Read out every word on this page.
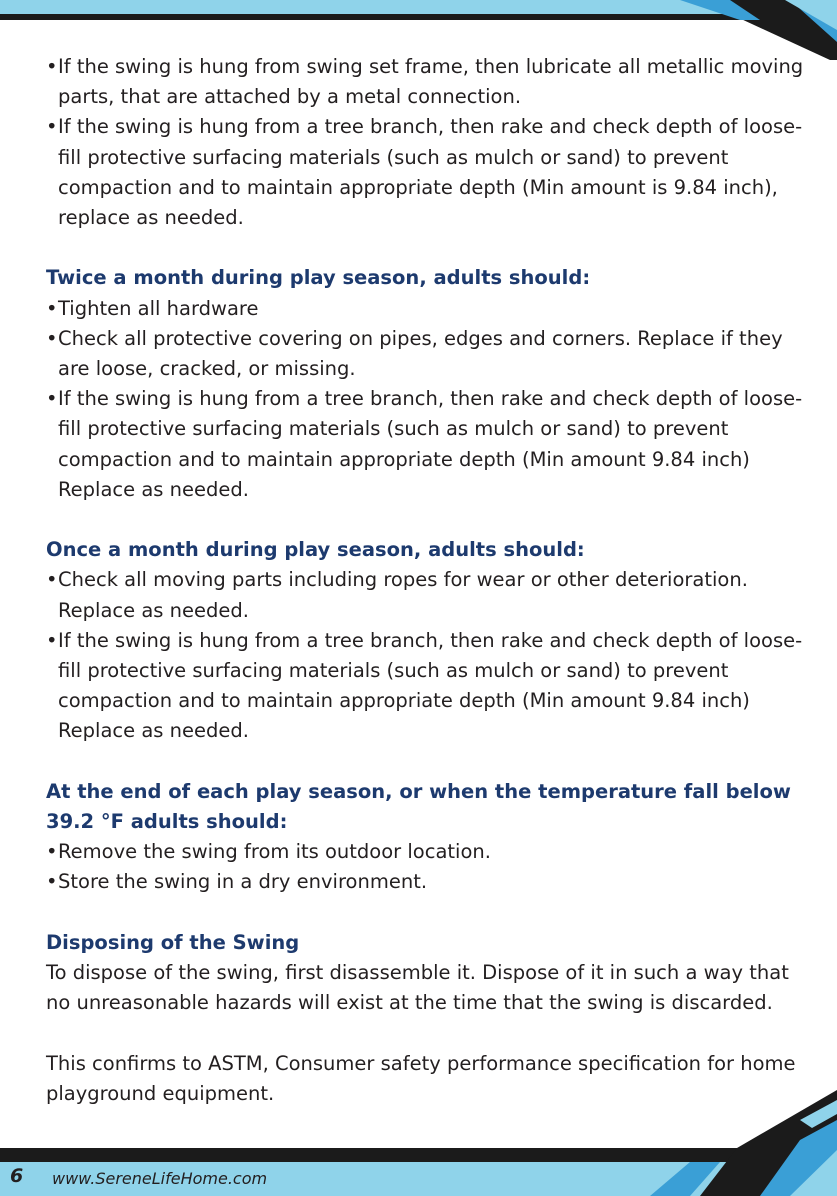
• If the swing is hung from swing set frame, then lubricate all metallic moving parts, that are attached by a metal connection.

• If the swing is hung from a tree branch, then rake and check depth of loose-fill protective surfacing materials (such as mulch or sand) to prevent compaction and to maintain appropriate depth (Min amount is 9.84 inch), replace as needed.

Twice a month during play season, adults should:

• Tighten all hardware

• Check all protective covering on pipes, edges and corners. Replace if they are loose, cracked, or missing.

• If the swing is hung from a tree branch, then rake and check depth of loose-fill protective surfacing materials (such as mulch or sand) to prevent compaction and to maintain appropriate depth (Min amount 9.84 inch) Replace as needed.

Once a month during play season, adults should:

• Check all moving parts including ropes for wear or other deterioration. Replace as needed.

• If the swing is hung from a tree branch, then rake and check depth of loose-fill protective surfacing materials (such as mulch or sand) to prevent compaction and to maintain appropriate depth (Min amount 9.84 inch) Replace as needed.

At the end of each play season, or when the temperature fall below 39.2 °F adults should:

• Remove the swing from its outdoor location.

• Store the swing in a dry environment.

Disposing of the Swing

To dispose of the swing, first disassemble it. Dispose of it in such a way that no unreasonable hazards will exist at the time that the swing is discarded.

This confirms to ASTM, Consumer safety performance specification for home playground equipment.

6 www.SereneLifeHome.com
